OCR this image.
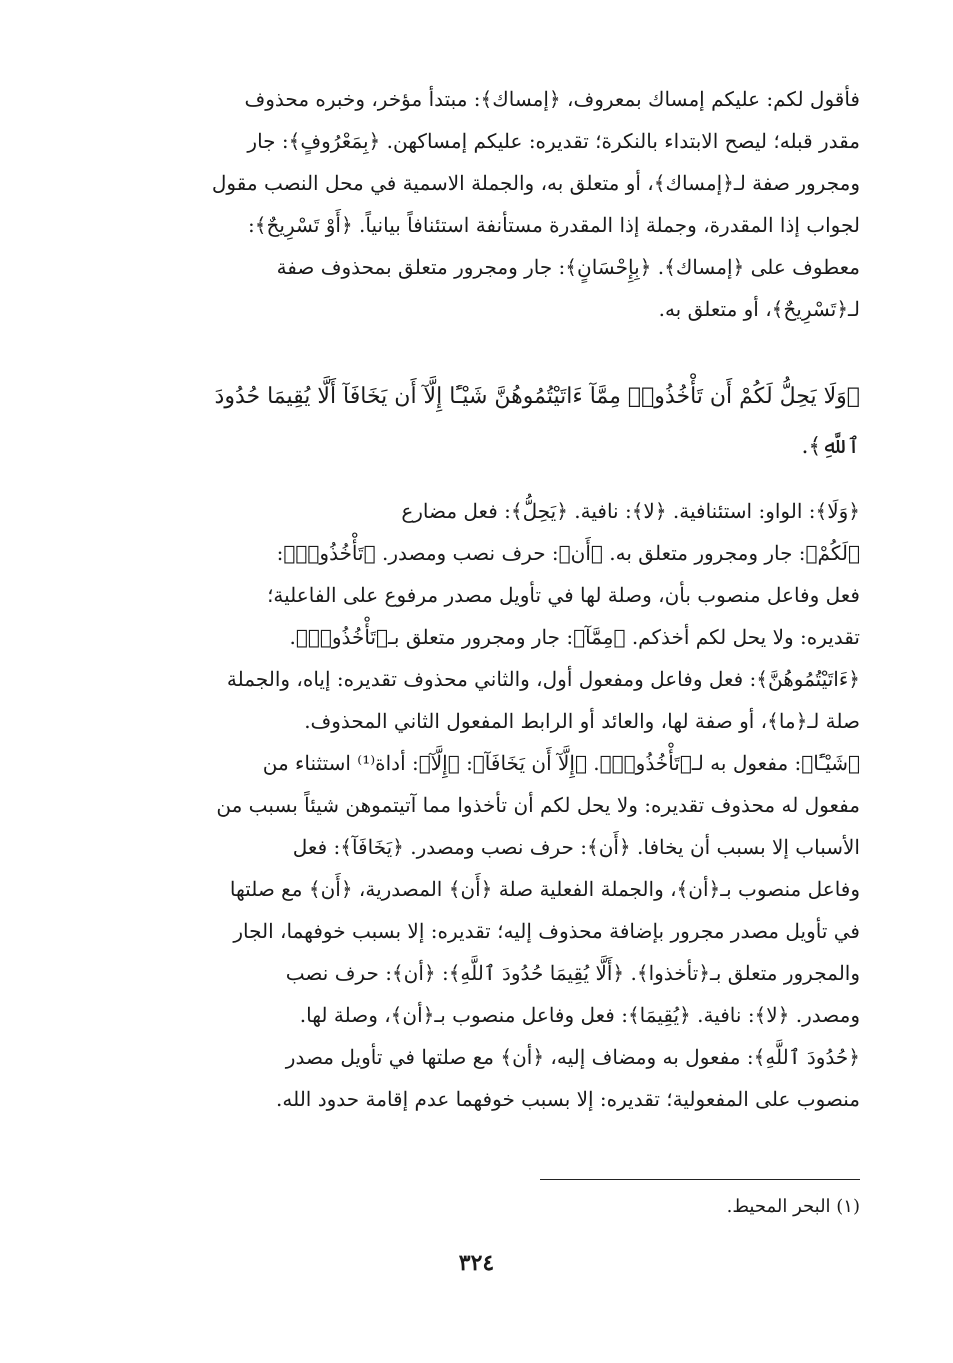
فأقول لكم: عليكم إمساك بمعروف، ﴿إمساك﴾: مبتدأ مؤخر، وخبره محذوف
مقدر قبله؛ ليصح الابتداء بالنكرة؛ تقديره: عليكم إمساكهن. ﴿بِمَعْرُوفٍ﴾: جار
ومجرور صفة لـ﴿إمساك﴾، أو متعلق به، والجملة الاسمية في محل النصب مقول
لجواب إذا المقدرة، وجملة إذا المقدرة مستأنفة استئنافاً بيانياً. ﴿أَوْ تَسْرِيحٌ﴾:
معطوف على ﴿إمساك﴾. ﴿بِإِحْسَانٍ﴾: جار ومجرور متعلق بمحذوف صفة
لـ﴿تَسْرِيحٌ﴾، أو متعلق به.
﴿وَلَا يَحِلُّ لَكُمْ أَن تَأْخُذُوا۟ مِمَّآ ءَاتَيْتُمُوهُنَّ شَيْـًٔا إِلَّآ أَن يَخَافَآ أَلَّا يُقِيمَا حُدُودَ
ٱللَّهِ﴾.
﴿وَلَا﴾: الواو: استئنافية. ﴿لا﴾: نافية. ﴿يَحِلُّ﴾: فعل مضارع
﴿لَكُمْ﴾: جار ومجرور متعلق به. ﴿أَن﴾: حرف نصب ومصدر. ﴿تَأْخُذُوا۟﴾:
فعل وفاعل منصوب بأن، وصلة لها في تأويل مصدر مرفوع على الفاعلية؛
تقديره: ولا يحل لكم أخذكم. ﴿مِمَّآ﴾: جار ومجرور متعلق بـ﴿تَأْخُذُوا۟﴾.
﴿ءَاتَيْتُمُوهُنَّ﴾: فعل وفاعل ومفعول أول، والثاني محذوف تقديره: إياه، والجملة
صلة لـ﴿ما﴾، أو صفة لها، والعائد أو الرابط المفعول الثاني المحذوف.
﴿شَيْـًٔا﴾: مفعول به لـ﴿تَأْخُذُوا۟﴾. ﴿إِلَّآ أَن يَخَافَآ﴾: ﴿إِلَّآ﴾: أداة⁽¹⁾ استثناء من
مفعول له محذوف تقديره: ولا يحل لكم أن تأخذوا مما آتيتموهن شيئاً بسبب من
الأسباب إلا بسبب أن يخافا. ﴿أَن﴾: حرف نصب ومصدر. ﴿يَخَافَآ﴾: فعل
وفاعل منصوب بـ﴿أن﴾، والجملة الفعلية صلة ﴿أَن﴾ المصدرية، ﴿أَن﴾ مع صلتها
في تأويل مصدر مجرور بإضافة محذوف إليه؛ تقديره: إلا بسبب خوفهما، الجار
والمجرور متعلق بـ﴿تأخذوا﴾. ﴿أَلَّا يُقِيمَا حُدُودَ ٱللَّهِ﴾: ﴿أن﴾: حرف نصب
ومصدر. ﴿لا﴾: نافية. ﴿يُقِيمَا﴾: فعل وفاعل منصوب بـ﴿أن﴾، وصلة لها.
﴿حُدُودَ ٱللَّهِ﴾: مفعول به ومضاف إليه، ﴿أن﴾ مع صلتها في تأويل مصدر
منصوب على المفعولية؛ تقديره: إلا بسبب خوفهما عدم إقامة حدود الله.
(١) البحر المحيط.
٣٢٤
